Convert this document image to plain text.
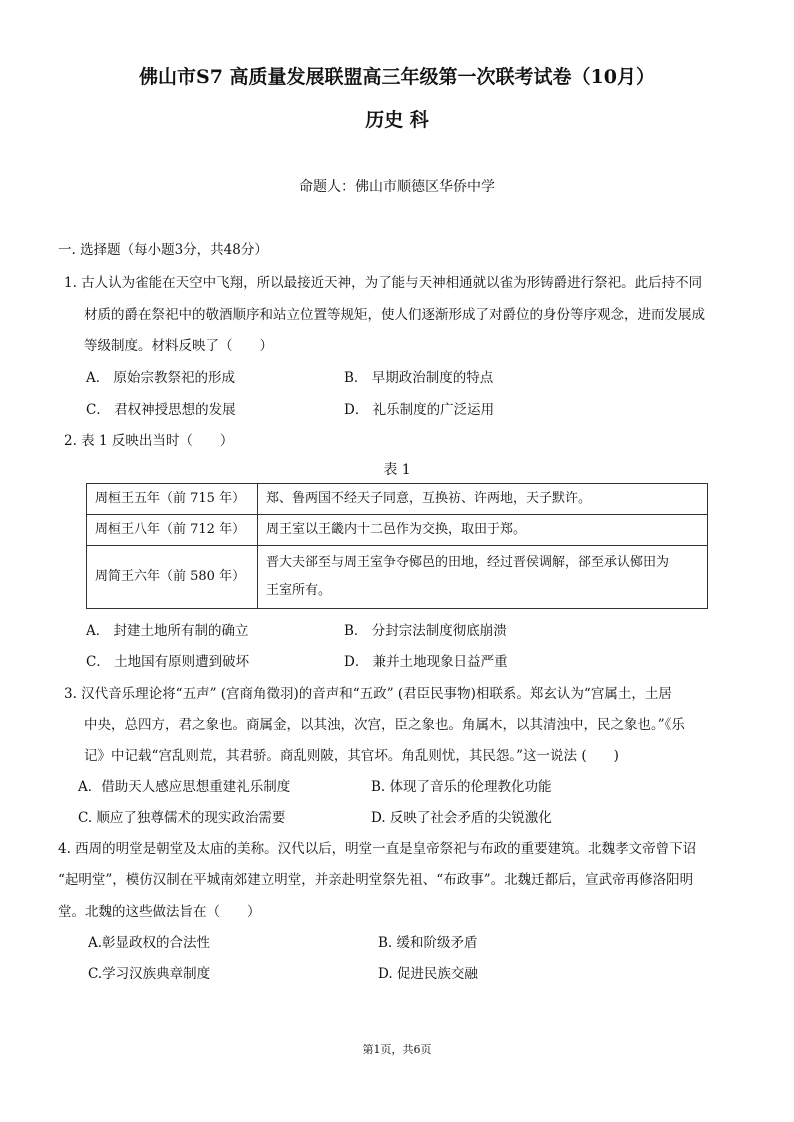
佛山市S7 高质量发展联盟高三年级第一次联考试卷（10月）
历史 科
命题人：佛山市顺德区华侨中学
一. 选择题（每小题3分，共48分）
1. 古人认为雀能在天空中飞翔，所以最接近天神，为了能与天神相通就以雀为形铸爵进行祭祀。此后持不同
材质的爵在祭祀中的敬酒顺序和站立位置等规矩，使人们逐渐形成了对爵位的身份等序观念，进而发展成
等级制度。材料反映了（　　）
A． 原始宗教祭祀的形成	B． 早期政治制度的特点
C． 君权神授思想的发展	D． 礼乐制度的广泛运用
2. 表 1 反映出当时（　　）
表 1
周桓王五年（前 715 年）	郑、鲁两国不经天子同意，互换祊、许两地，天子默许。
周桓王八年（前 712 年）	周王室以王畿内十二邑作为交换，取田于郑。
周简王六年（前 580 年）	晋大夫郤至与周王室争夺鄇邑的田地，经过晋侯调解，郤至承认鄇田为
王室所有。
A． 封建土地所有制的确立	B． 分封宗法制度彻底崩溃
C． 土地国有原则遭到破坏	D． 兼并土地现象日益严重
3. 汉代音乐理论将“五声” (宫商角徵羽)的音声和“五政” (君臣民事物)相联系。郑玄认为“宫属土，土居
中央，总四方，君之象也。商属金，以其浊，次宫，臣之象也。角属木，以其清浊中，民之象也。”《乐
记》中记载“宫乱则荒，其君骄。商乱则陂，其官坏。角乱则忧，其民怨。”这一说法 (　　)
A．借助天人感应思想重建礼乐制度	B. 体现了音乐的伦理教化功能
C. 顺应了独尊儒术的现实政治需要	D. 反映了社会矛盾的尖锐激化
4. 西周的明堂是朝堂及太庙的美称。汉代以后，明堂一直是皇帝祭祀与布政的重要建筑。北魏孝文帝曾下诏
“起明堂”，模仿汉制在平城南郊建立明堂，并亲赴明堂祭先祖、“布政事”。北魏迁都后，宣武帝再修洛阳明
堂。北魏的这些做法旨在（　　）
A.彰显政权的合法性	B. 缓和阶级矛盾
C.学习汉族典章制度	D. 促进民族交融
第1页，共6页
